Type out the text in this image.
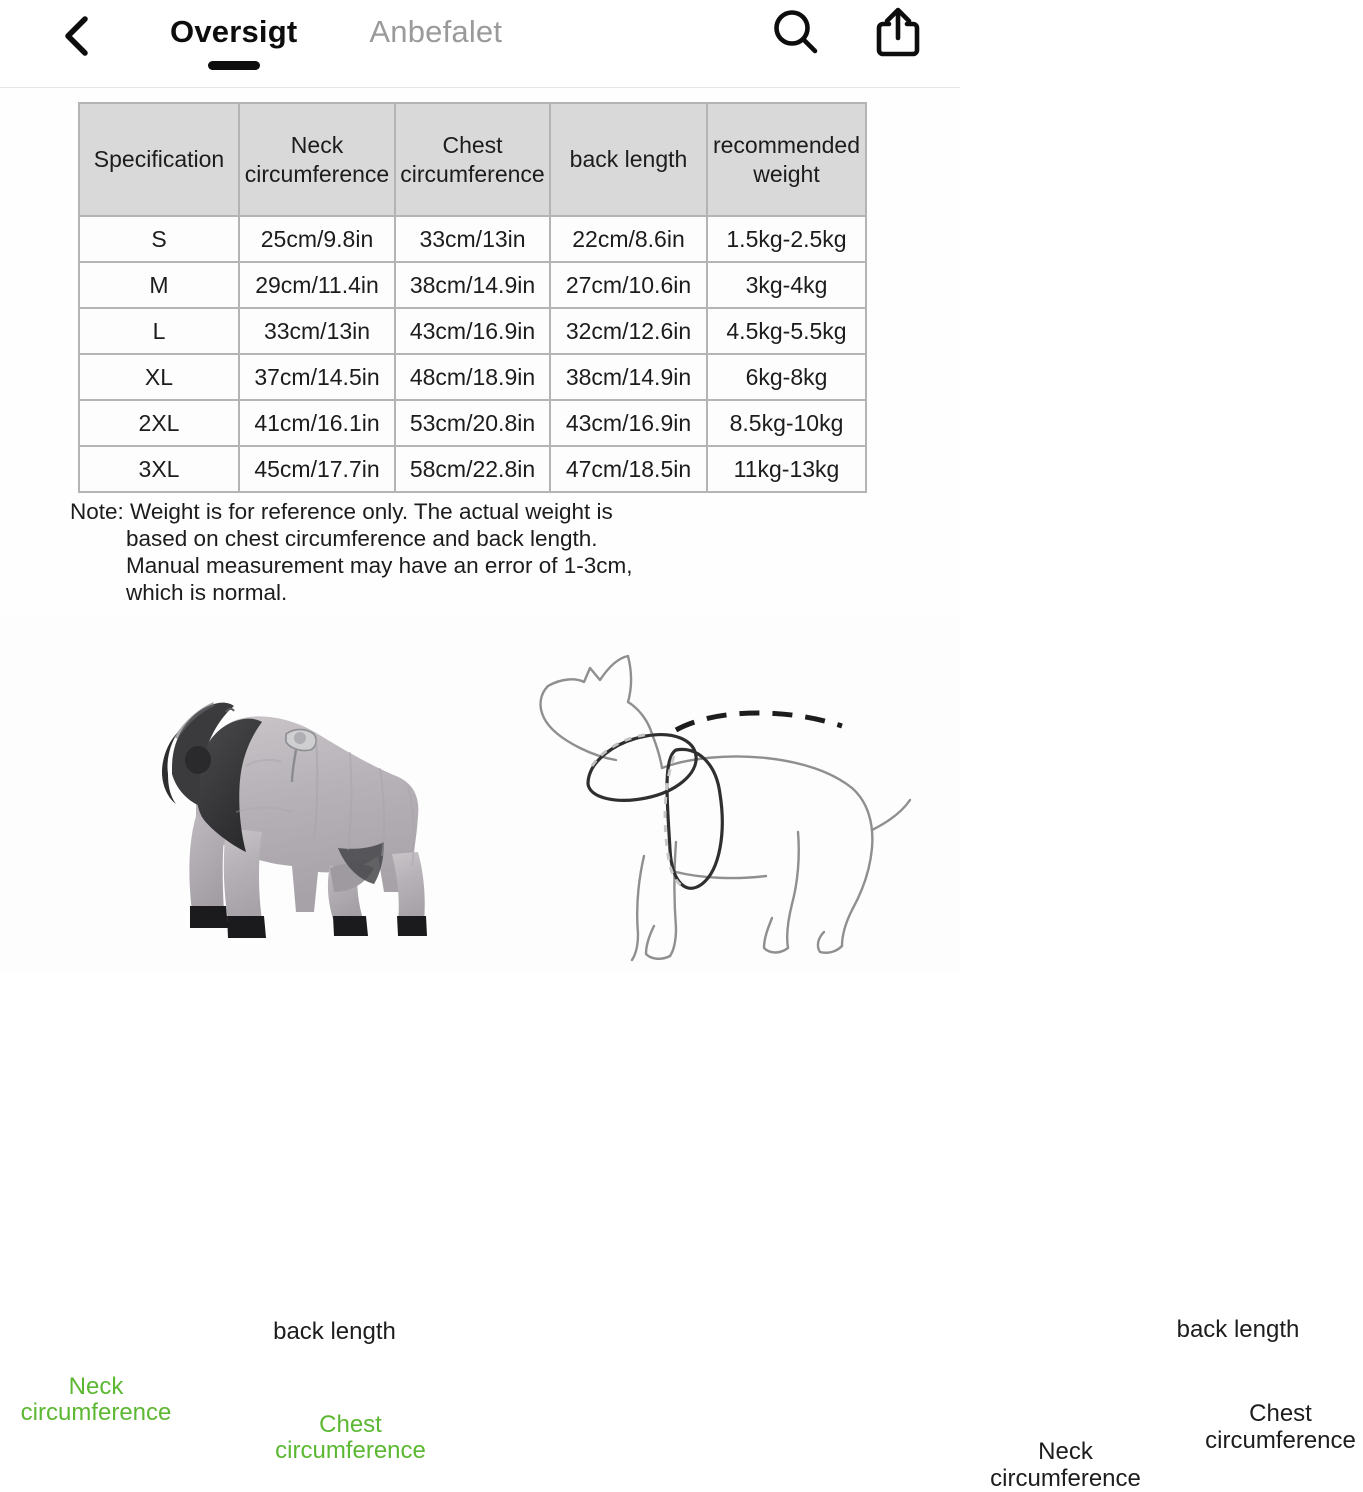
Oversigt Anbefalet
Specification	Neck circumference	Chest circumference	back length	recommended weight
S	25cm/9.8in	33cm/13in	22cm/8.6in	1.5kg-2.5kg
M	29cm/11.4in	38cm/14.9in	27cm/10.6in	3kg-4kg
L	33cm/13in	43cm/16.9in	32cm/12.6in	4.5kg-5.5kg
XL	37cm/14.5in	48cm/18.9in	38cm/14.9in	6kg-8kg
2XL	41cm/16.1in	53cm/20.8in	43cm/16.9in	8.5kg-10kg
3XL	45cm/17.7in	58cm/22.8in	47cm/18.5in	11kg-13kg
Note: Weight is for reference only. The actual weight is
based on chest circumference and back length.
Manual measurement may have an error of 1-3cm,
which is normal.
back length
Neck
circumference	Chest
circumference
back length
Chest
circumference
Neck
circumference
